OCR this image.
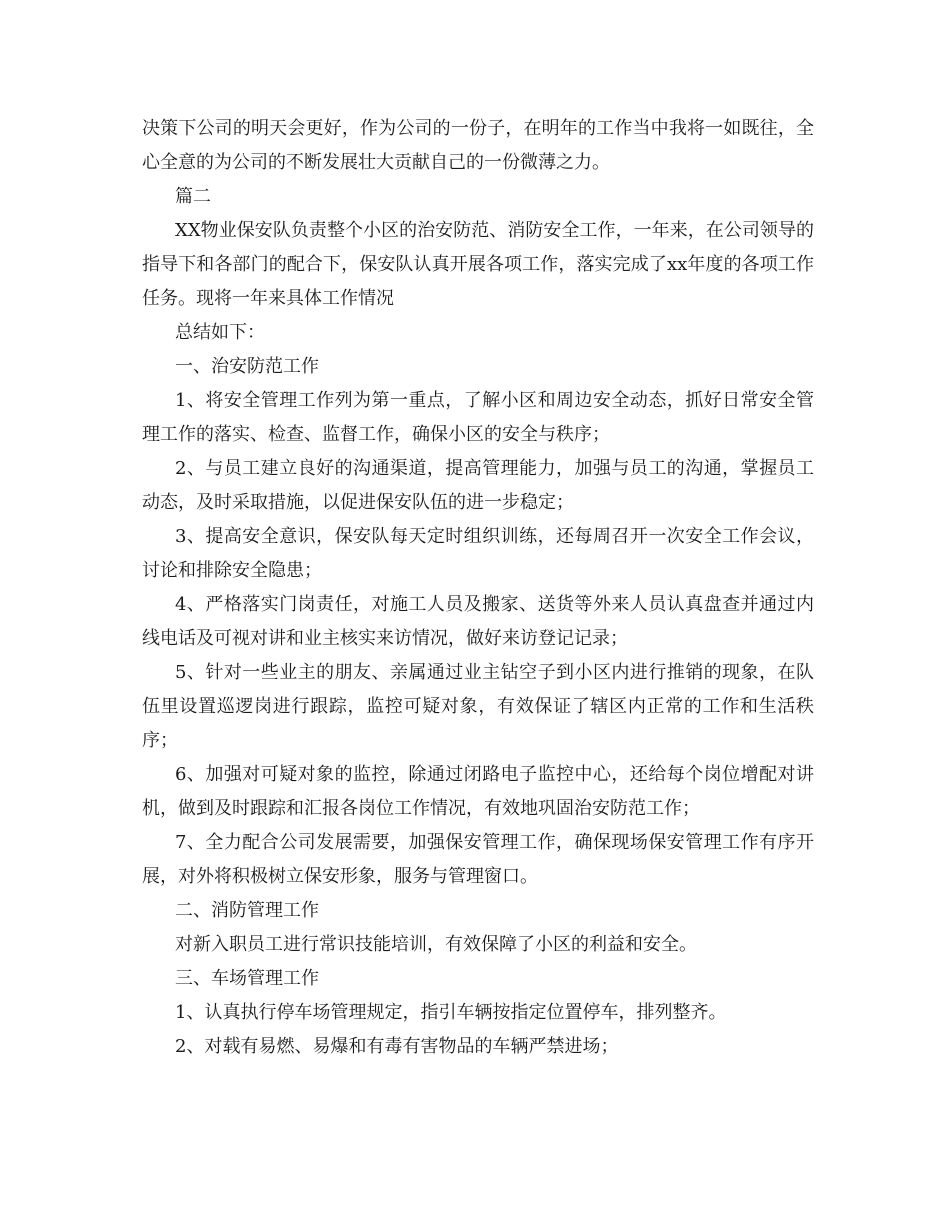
决策下公司的明天会更好，作为公司的一份子，在明年的工作当中我将一如既往，全心全意的为公司的不断发展壮大贡献自己的一份微薄之力。

篇二

XX物业保安队负责整个小区的治安防范、消防安全工作，一年来，在公司领导的指导下和各部门的配合下，保安队认真开展各项工作，落实完成了xx年度的各项工作任务。现将一年来具体工作情况

总结如下：

一、治安防范工作

1、将安全管理工作列为第一重点，了解小区和周边安全动态，抓好日常安全管理工作的落实、检查、监督工作，确保小区的安全与秩序；

2、与员工建立良好的沟通渠道，提高管理能力，加强与员工的沟通，掌握员工动态，及时采取措施，以促进保安队伍的进一步稳定；

3、提高安全意识，保安队每天定时组织训练，还每周召开一次安全工作会议，讨论和排除安全隐患；

4、严格落实门岗责任，对施工人员及搬家、送货等外来人员认真盘查并通过内线电话及可视对讲和业主核实来访情况，做好来访登记记录；

5、针对一些业主的朋友、亲属通过业主钻空子到小区内进行推销的现象，在队伍里设置巡逻岗进行跟踪，监控可疑对象，有效保证了辖区内正常的工作和生活秩序；

6、加强对可疑对象的监控，除通过闭路电子监控中心，还给每个岗位增配对讲机，做到及时跟踪和汇报各岗位工作情况，有效地巩固治安防范工作；

7、全力配合公司发展需要，加强保安管理工作，确保现场保安管理工作有序开展，对外将积极树立保安形象，服务与管理窗口。

二、消防管理工作

对新入职员工进行常识技能培训，有效保障了小区的利益和安全。

三、车场管理工作

1、认真执行停车场管理规定，指引车辆按指定位置停车，排列整齐。

2、对载有易燃、易爆和有毒有害物品的车辆严禁进场；
